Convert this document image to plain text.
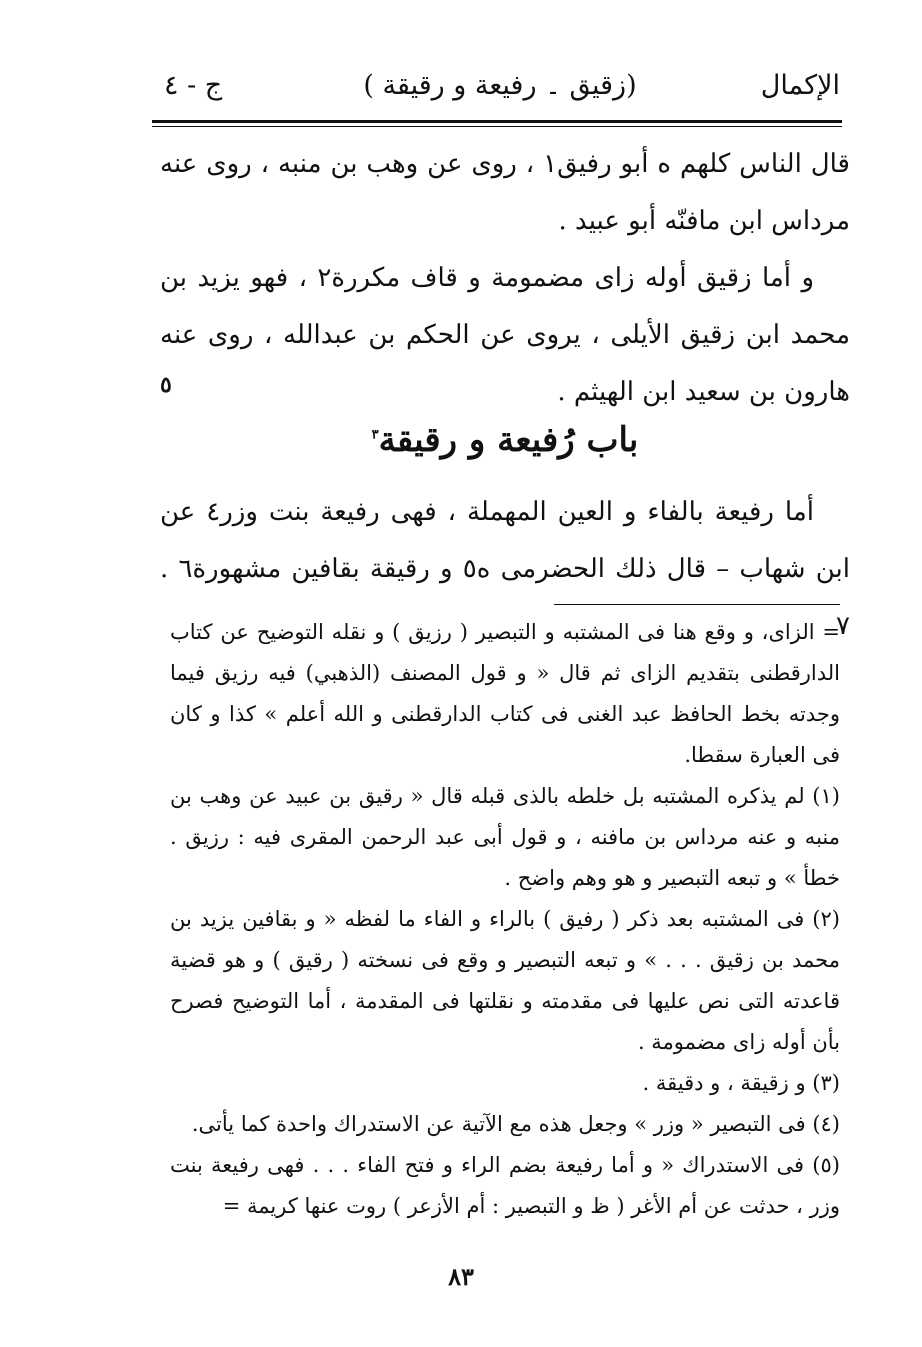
الإكمال
(زقيق ۔ رفيعة و رقيقة )
ج - ٤

قال الناس كلهم ه أبو رفيق١ ، روى عن وهب بن منبه ، روى عنه مرداس ابن مافنّه أبو عبيد .

و أما زقيق أوله زاى مضمومة و قاف مكررة٢ ، فهو يزيد بن محمد ابن زقيق الأيلى ، يروى عن الحكم بن عبدالله ، روى عنه هارون بن سعيد ابن الهيثم .

٥
باب رُفيعة و رقيقة$^٣$

أما رفيعة بالفاء و العين المهملة ، فهى رفيعة بنت وزر٤ عن ابن شهاب – قال ذلك الحضرمى ه٥ و رقيقة بقافين مشهورة٦ . ٧

= الزاى، و وقع هنا فى المشتبه و التبصير ( رزيق ) و نقله التوضيح عن كتاب الدارقطنى بتقديم الزاى ثم قال « و قول المصنف (الذهبي) فيه رزيق فيما وجدته بخط الحافظ عبد الغنى فى كتاب الدارقطنى و الله أعلم » كذا و كان فى العبارة سقطا.

(١) لم يذكره المشتبه بل خلطه بالذى قبله قال « رقيق بن عبيد عن وهب بن منبه و عنه مرداس بن مافنه ، و قول أبى عبد الرحمن المقرى فيه : رزيق . خطأ » و تبعه التبصير و هو وهم واضح .

(٢) فى المشتبه بعد ذكر ( رفيق ) بالراء و الفاء ما لفظه « و بقافين يزيد بن محمد بن زقيق . . . » و تبعه التبصير و وقع فى نسخته ( رقيق ) و هو قضية قاعدته التى نص عليها فى مقدمته و نقلتها فى المقدمة ، أما التوضيح فصرح بأن أوله زاى مضمومة .

(٣) و زقيقة ، و دقيقة .

(٤) فى التبصير « وزر » وجعل هذه مع الآتية عن الاستدراك واحدة كما يأتى.

(٥) فى الاستدراك « و أما رفيعة بضم الراء و فتح الفاء . . . فهى رفيعة بنت وزر ، حدثت عن أم الأغر ( ظ و التبصير : أم الأزعر ) روت عنها كريمة =

٨٣
